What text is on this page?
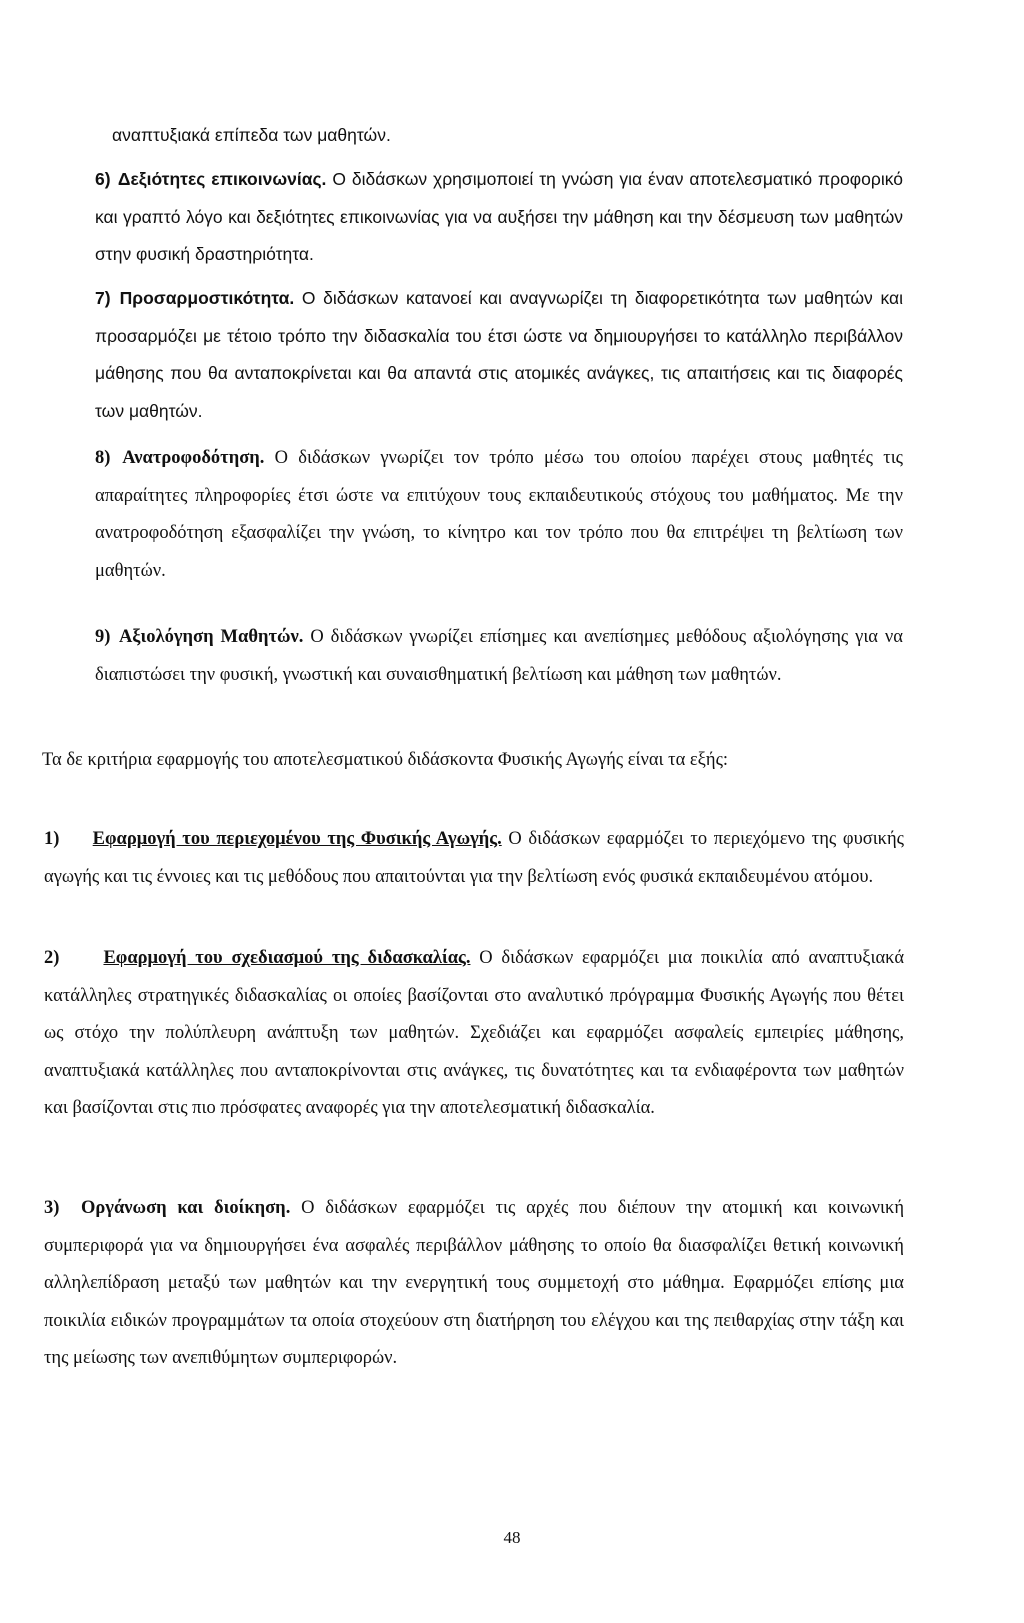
αναπτυξιακά επίπεδα των μαθητών.

6) Δεξιότητες επικοινωνίας. Ο διδάσκων χρησιμοποιεί τη γνώση για έναν αποτελεσματικό προφορικό και γραπτό λόγο και δεξιότητες επικοινωνίας για να αυξήσει την μάθηση και την δέσμευση των μαθητών στην φυσική δραστηριότητα.

7) Προσαρμοστικότητα. Ο διδάσκων κατανοεί και αναγνωρίζει τη διαφορετικότητα των μαθητών και προσαρμόζει με τέτοιο τρόπο την διδασκαλία του έτσι ώστε να δημιουργήσει το κατάλληλο περιβάλλον μάθησης που θα ανταποκρίνεται και θα απαντά στις ατομικές ανάγκες, τις απαιτήσεις και τις διαφορές των μαθητών.

8) Ανατροφοδότηση. Ο διδάσκων γνωρίζει τον τρόπο μέσω του οποίου παρέχει στους μαθητές τις απαραίτητες πληροφορίες έτσι ώστε να επιτύχουν τους εκπαιδευτικούς στόχους του μαθήματος. Με την ανατροφοδότηση εξασφαλίζει την γνώση, το κίνητρο και τον τρόπο που θα επιτρέψει τη βελτίωση των μαθητών.

9) Αξιολόγηση Μαθητών. Ο διδάσκων γνωρίζει επίσημες και ανεπίσημες μεθόδους αξιολόγησης για να διαπιστώσει την φυσική, γνωστική και συναισθηματική βελτίωση και μάθηση των μαθητών.

Τα δε κριτήρια εφαρμογής του αποτελεσματικού διδάσκοντα Φυσικής Αγωγής είναι τα εξής:

1) Εφαρμογή του περιεχομένου της Φυσικής Αγωγής. Ο διδάσκων εφαρμόζει το περιεχόμενο της φυσικής αγωγής και τις έννοιες και τις μεθόδους που απαιτούνται για την βελτίωση ενός φυσικά εκπαιδευμένου ατόμου.

2) Εφαρμογή του σχεδιασμού της διδασκαλίας. Ο διδάσκων εφαρμόζει μια ποικιλία από αναπτυξιακά κατάλληλες στρατηγικές διδασκαλίας οι οποίες βασίζονται στο αναλυτικό πρόγραμμα Φυσικής Αγωγής που θέτει ως στόχο την πολύπλευρη ανάπτυξη των μαθητών. Σχεδιάζει και εφαρμόζει ασφαλείς εμπειρίες μάθησης, αναπτυξιακά κατάλληλες που ανταποκρίνονται στις ανάγκες, τις δυνατότητες και τα ενδιαφέροντα των μαθητών και βασίζονται στις πιο πρόσφατες αναφορές για την αποτελεσματική διδασκαλία.

3) Οργάνωση και διοίκηση. Ο διδάσκων εφαρμόζει τις αρχές που διέπουν την ατομική και κοινωνική συμπεριφορά για να δημιουργήσει ένα ασφαλές περιβάλλον μάθησης το οποίο θα διασφαλίζει θετική κοινωνική αλληλεπίδραση μεταξύ των μαθητών και την ενεργητική τους συμμετοχή στο μάθημα. Εφαρμόζει επίσης μια ποικιλία ειδικών προγραμμάτων τα οποία στοχεύουν στη διατήρηση του ελέγχου και της πειθαρχίας στην τάξη και της μείωσης των ανεπιθύμητων συμπεριφορών.

48
